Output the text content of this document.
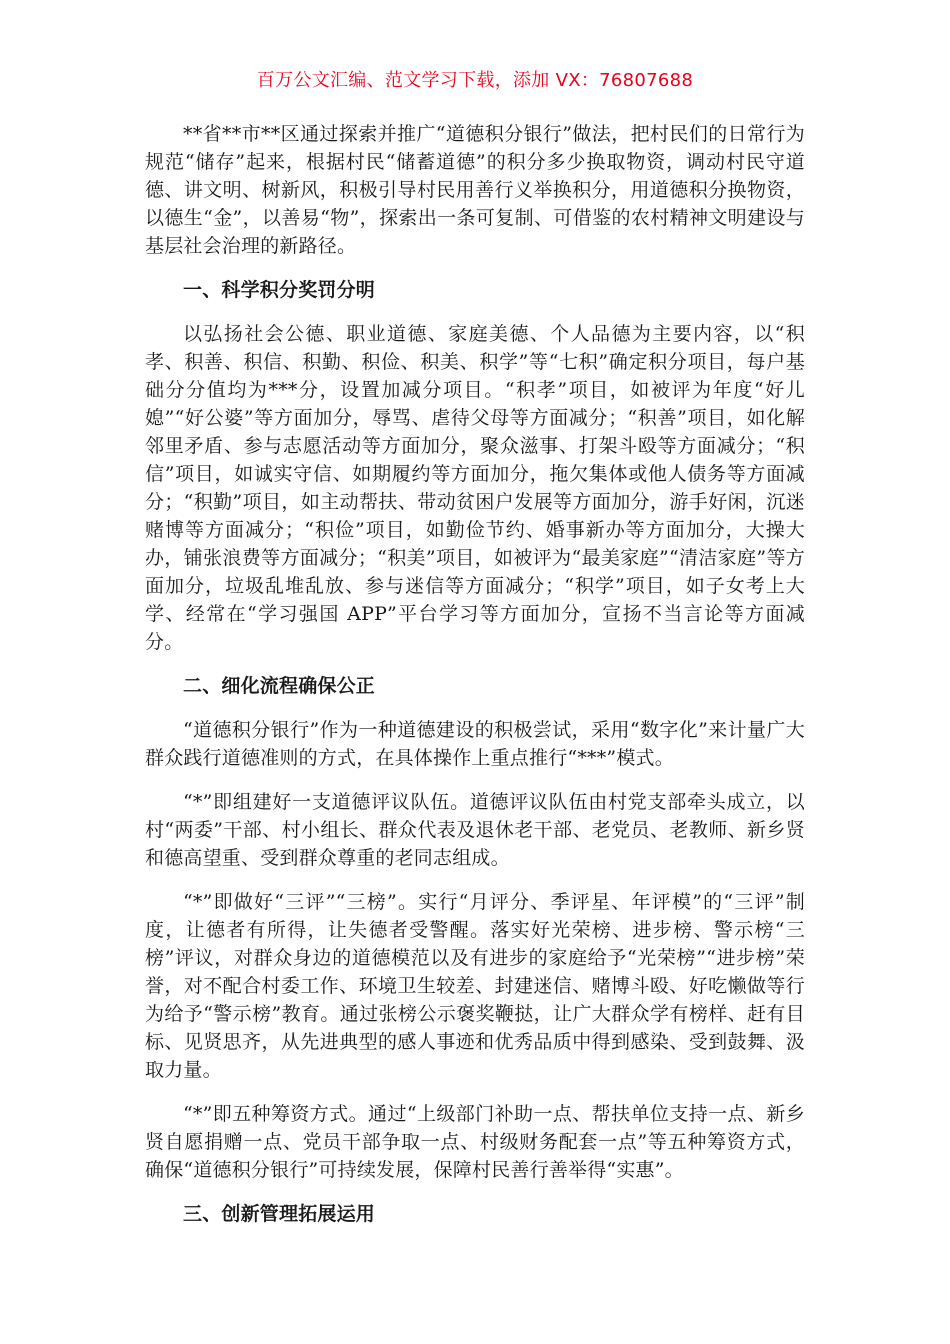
百万公文汇编、范文学习下载，添加 VX：76807688

**省**市**区通过探索并推广“道德积分银行”做法，把村民们的日常行为规范“储存”起来，根据村民“储蓄道德”的积分多少换取物资，调动村民守道德、讲文明、树新风，积极引导村民用善行义举换积分，用道德积分换物资，以德生“金”，以善易“物”，探索出一条可复制、可借鉴的农村精神文明建设与基层社会治理的新路径。

一、科学积分奖罚分明

以弘扬社会公德、职业道德、家庭美德、个人品德为主要内容，以“积孝、积善、积信、积勤、积俭、积美、积学”等“七积”确定积分项目，每户基础分分值均为***分，设置加减分项目。“积孝”项目，如被评为年度“好儿媳”“好公婆”等方面加分，辱骂、虐待父母等方面减分；“积善”项目，如化解邻里矛盾、参与志愿活动等方面加分，聚众滋事、打架斗殴等方面减分；“积信”项目，如诚实守信、如期履约等方面加分，拖欠集体或他人债务等方面减分；“积勤”项目，如主动帮扶、带动贫困户发展等方面加分，游手好闲，沉迷赌博等方面减分；“积俭”项目，如勤俭节约、婚事新办等方面加分，大操大办，铺张浪费等方面减分；“积美”项目，如被评为“最美家庭”“清洁家庭”等方面加分，垃圾乱堆乱放、参与迷信等方面减分；“积学”项目，如子女考上大学、经常在“学习强国 APP”平台学习等方面加分，宣扬不当言论等方面减分。

二、细化流程确保公正

“道德积分银行”作为一种道德建设的积极尝试，采用“数字化”来计量广大群众践行道德准则的方式，在具体操作上重点推行“***”模式。

“*”即组建好一支道德评议队伍。道德评议队伍由村党支部牵头成立，以村“两委”干部、村小组长、群众代表及退休老干部、老党员、老教师、新乡贤和德高望重、受到群众尊重的老同志组成。

“*”即做好“三评”“三榜”。实行“月评分、季评星、年评模”的“三评”制度，让德者有所得，让失德者受警醒。落实好光荣榜、进步榜、警示榜“三榜”评议，对群众身边的道德模范以及有进步的家庭给予“光荣榜”“进步榜”荣誉，对不配合村委工作、环境卫生较差、封建迷信、赌博斗殴、好吃懒做等行为给予“警示榜”教育。通过张榜公示褒奖鞭挞，让广大群众学有榜样、赶有目标、见贤思齐，从先进典型的感人事迹和优秀品质中得到感染、受到鼓舞、汲取力量。

“*”即五种筹资方式。通过“上级部门补助一点、帮扶单位支持一点、新乡贤自愿捐赠一点、党员干部争取一点、村级财务配套一点”等五种筹资方式，确保“道德积分银行”可持续发展，保障村民善行善举得“实惠”。

三、创新管理拓展运用
